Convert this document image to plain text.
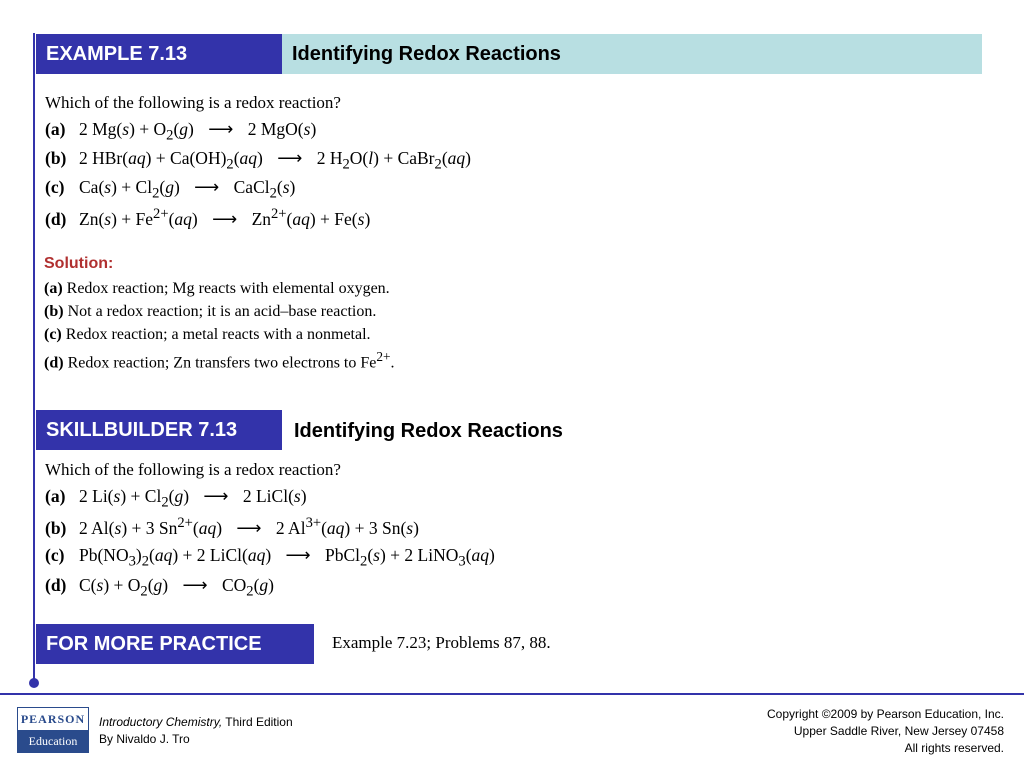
EXAMPLE 7.13	Identifying Redox Reactions
Which of the following is a redox reaction?
(a) 2 $Mg(s) + O_2(g)$ ⟶ 2 MgO(s)
(b) 2 $HBr(aq) + Ca(OH)_2(aq)$ ⟶ 2 $H_2O(l)$ + CaBr$_2$(aq)
(c) $Ca(s) + Cl_2(g)$ ⟶ CaCl$_2$(s)
(d) $Zn(s) + Fe^{2+}(aq)$ ⟶ $Zn^{2+}(aq) + Fe(s)$
Solution:
(a) Redox reaction; Mg reacts with elemental oxygen.
(b) Not a redox reaction; it is an acid–base reaction.
(c) Redox reaction; a metal reacts with a nonmetal.
(d) Redox reaction; Zn transfers two electrons to $Fe^{2+}$.
SKILLBUILDER 7.13	Identifying Redox Reactions
Which of the following is a redox reaction?
(a) 2 $Li(s) + Cl_2(g)$ ⟶ 2 LiCl(s)
(b) 2 Al(s) + 3 $Sn^{2+}(aq)$ ⟶ 2 $Al^{3+}(aq) + 3$ Sn(s)
(c) $Pb(NO_3)_2(aq) + 2$ LiCl(aq) ⟶ PbCl$_2$(s) + 2 LiNO$_3$(aq)
(d) $C(s) + O_2(g)$ ⟶ $CO_2(g)$
FOR MORE PRACTICE	Example 7.23; Problems 87, 88.
PEARSON
Education
Introductory Chemistry, Third Edition
By Nivaldo J. Tro
Copyright ©2009 by Pearson Education, Inc.
Upper Saddle River, New Jersey 07458
All rights reserved.
